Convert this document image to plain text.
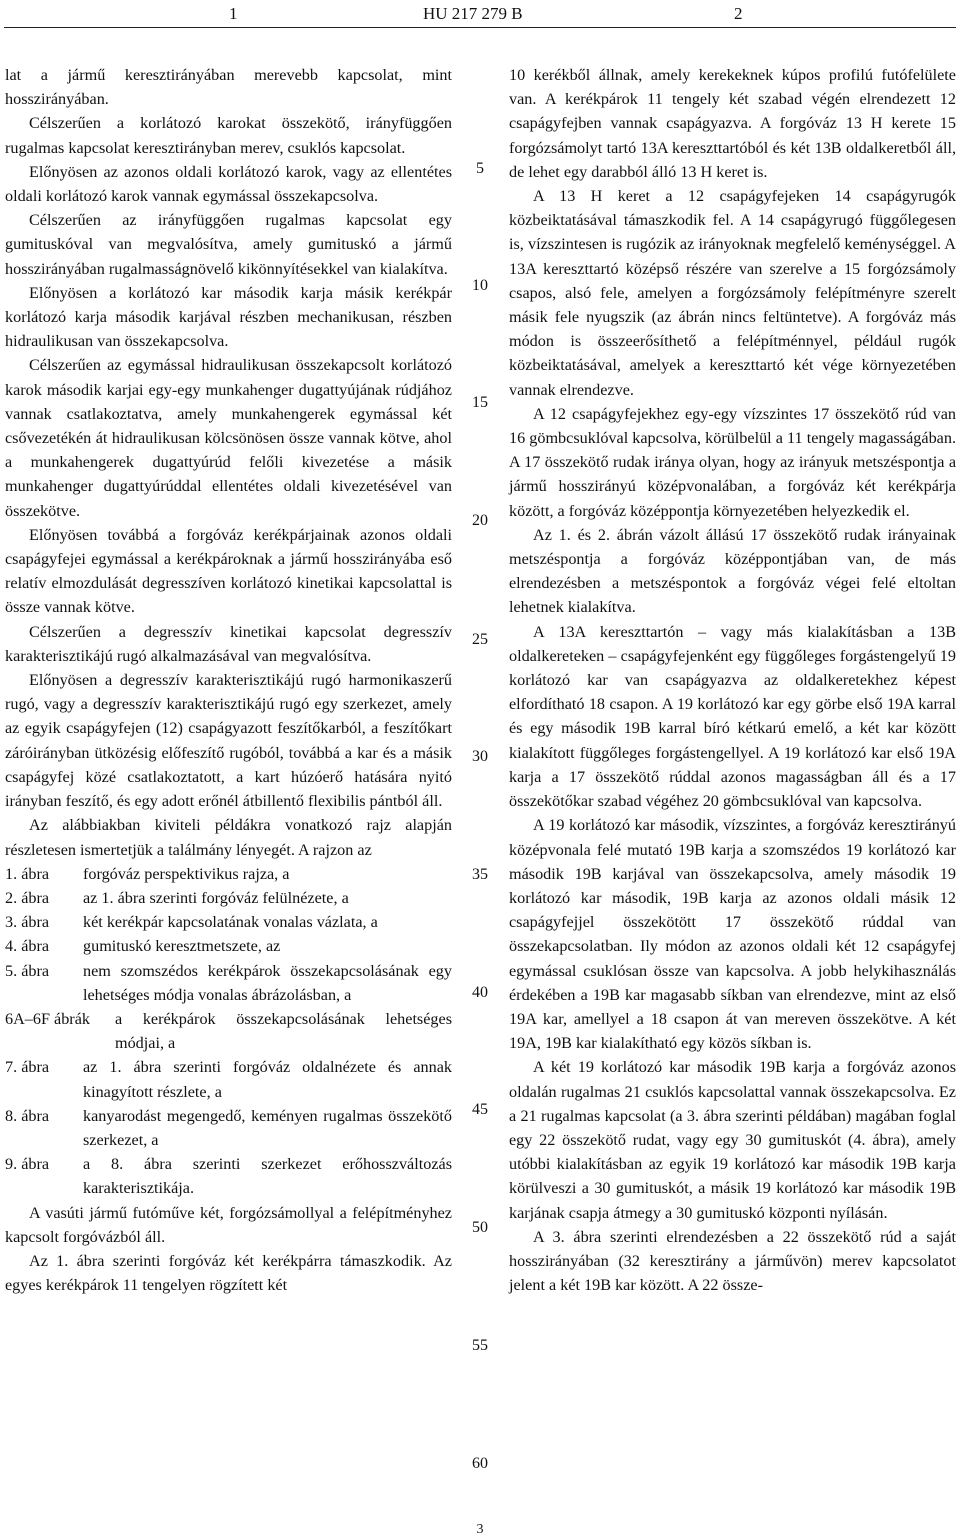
1	HU 217 279 B	2

lat a jármű keresztirányában merevebb kapcsolat, mint hosszirányában.

Célszerűen a korlátozó karokat összekötő, irányfüggően rugalmas kapcsolat keresztirányban merev, csuklós kapcsolat.

Előnyösen az azonos oldali korlátozó karok, vagy az ellentétes oldali korlátozó karok vannak egymással összekapcsolva.

Célszerűen az irányfüggően rugalmas kapcsolat egy gumituskóval van megvalósítva, amely gumituskó a jármű hosszirányában rugalmasságnövelő kikönnyítésekkel van kialakítva.

Előnyösen a korlátozó kar második karja másik kerékpár korlátozó karja második karjával részben mechanikusan, részben hidraulikusan van összekapcsolva.

Célszerűen az egymással hidraulikusan összekapcsolt korlátozó karok második karjai egy-egy munkahenger dugattyújának rúdjához vannak csatlakoztatva, amely munkahengerek egymással két csővezetékén át hidraulikusan kölcsönösen össze vannak kötve, ahol a munkahengerek dugattyúrúd felőli kivezetése a másik munkahenger dugattyúrúddal ellentétes oldali kivezetésével van összekötve.

Előnyösen továbbá a forgóváz kerékpárjainak azonos oldali csapágyfejei egymással a kerékpároknak a jármű hosszirányába eső relatív elmozdulását degresszíven korlátozó kinetikai kapcsolattal is össze vannak kötve.

Célszerűen a degresszív kinetikai kapcsolat degresszív karakterisztikájú rugó alkalmazásával van megvalósítva.

Előnyösen a degresszív karakterisztikájú rugó harmonikaszerű rugó, vagy a degresszív karakterisztikájú rugó egy szerkezet, amely az egyik csapágyfejen (12) csapágyazott feszítőkarból, a feszítőkart záróirányban ütközésig előfeszítő rugóból, továbbá a kar és a másik csapágyfej közé csatlakoztatott, a kart húzóerő hatására nyitó irányban feszítő, és egy adott erőnél átbillentő flexibilis pántból áll.

Az alábbiakban kiviteli példákra vonatkozó rajz alapján részletesen ismertetjük a találmány lényegét. A rajzon az

1. ábra	forgóváz perspektivikus rajza, a
2. ábra	az 1. ábra szerinti forgóváz felülnézete, a
3. ábra	két kerékpár kapcsolatának vonalas vázlata, a
4. ábra	gumituskó keresztmetszete, az
5. ábra	nem szomszédos kerékpárok összekapcsolásának egy lehetséges módja vonalas ábrázolásban, a
6A–6F ábrák	a kerékpárok összekapcsolásának lehetséges módjai, a
7. ábra	az 1. ábra szerinti forgóváz oldalnézete és annak kinagyított részlete, a
8. ábra	kanyarodást megengedő, keményen rugalmas összekötő szerkezet, a
9. ábra	a 8. ábra szerinti szerkezet erőhosszváltozás karakterisztikája.

A vasúti jármű futóműve két, forgózsámollyal a felépítményhez kapcsolt forgóvázból áll.

Az 1. ábra szerinti forgóváz két kerékpárra támaszkodik. Az egyes kerékpárok 11 tengelyen rögzített két

10 kerékből állnak, amely kerekeknek kúpos profilú futófelülete van. A kerékpárok 11 tengely két szabad végén elrendezett 12 csapágyfejben vannak csapágyazva. A forgóváz 13 H kerete 15 forgózsámolyt tartó 13A kereszttartóból és két 13B oldalkeretből áll, de lehet egy darabból álló 13 H keret is.

A 13 H keret a 12 csapágyfejeken 14 csapágyrugók közbeiktatásával támaszkodik fel. A 14 csapágyrugó függőlegesen is, vízszintesen is rugózik az irányoknak megfelelő keménységgel. A 13A kereszttartó középső részére van szerelve a 15 forgózsámoly csapos, alsó fele, amelyen a forgózsámoly felépítményre szerelt másik fele nyugszik (az ábrán nincs feltüntetve). A forgóváz más módon is összeerősíthető a felépítménnyel, például rugók közbeiktatásával, amelyek a kereszttartó két vége környezetében vannak elrendezve.

A 12 csapágyfejekhez egy-egy vízszintes 17 összekötő rúd van 16 gömbcsuklóval kapcsolva, körülbelül a 11 tengely magasságában. A 17 összekötő rudak iránya olyan, hogy az irányuk metszéspontja a jármű hosszirányú középvonalában, a forgóváz két kerékpárja között, a forgóváz középpontja környezetében helyezkedik el.

Az 1. és 2. ábrán vázolt állású 17 összekötő rudak irányainak metszéspontja a forgóváz középpontjában van, de más elrendezésben a metszéspontok a forgóváz végei felé eltoltan lehetnek kialakítva.

A 13A kereszttartón – vagy más kialakításban a 13B oldalkereteken – csapágyfejenként egy függőleges forgástengelyű 19 korlátozó kar van csapágyazva az oldalkeretekhez képest elfordítható 18 csapon. A 19 korlátozó kar egy görbe első 19A karral és egy második 19B karral bíró kétkarú emelő, a két kar között kialakított függőleges forgástengellyel. A 19 korlátozó kar első 19A karja a 17 összekötő rúddal azonos magasságban áll és a 17 összekötőkar szabad végéhez 20 gömbcsuklóval van kapcsolva.

A 19 korlátozó kar második, vízszintes, a forgóváz keresztirányú középvonala felé mutató 19B karja a szomszédos 19 korlátozó kar második 19B karjával van összekapcsolva, amely második 19 korlátozó kar második, 19B karja az azonos oldali másik 12 csapágyfejjel összekötött 17 összekötő rúddal van összekapcsolatban. Ily módon az azonos oldali két 12 csapágyfej egymással csuklósan össze van kapcsolva. A jobb helykihasználás érdekében a 19B kar magasabb síkban van elrendezve, mint az első 19A kar, amellyel a 18 csapon át van mereven összekötve. A két 19A, 19B kar kialakítható egy közös síkban is.

A két 19 korlátozó kar második 19B karja a forgóváz azonos oldalán rugalmas 21 csuklós kapcsolattal vannak összekapcsolva. Ez a 21 rugalmas kapcsolat (a 3. ábra szerinti példában) magában foglal egy 22 összekötő rudat, vagy egy 30 gumituskót (4. ábra), amely utóbbi kialakításban az egyik 19 korlátozó kar második 19B karja körülveszi a 30 gumituskót, a másik 19 korlátozó kar második 19B karjának csapja átmegy a 30 gumituskó központi nyílásán.

A 3. ábra szerinti elrendezésben a 22 összekötő rúd a saját hosszirányában (32 keresztirány a járművön) merev kapcsolatot jelent a két 19B kar között. A 22 össze-

5
10
15
20
25
30
35
40
45
50
55
60
3
